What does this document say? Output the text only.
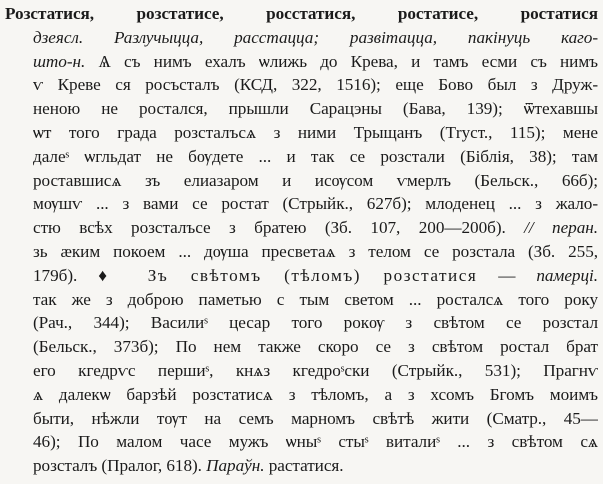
Розстатися, розстатисе, росстатися, ростатисе, ростатися
дзеясл. Разлучыцца, расстацца; развітацца, пакінуць каго-
што-н. Ѧ съ нимъ ехалъ ѡлижь до Крева, и тамъ есми съ нимъ
ѵ Креве ся росъсталъ (КСД, 322, 1516); еще Бово был з Друж-
неною не ростался, прышли Сарацэны (Бава, 139); ѿтехавшы
ѡт того града розсталъсѧ з ними Трыщанъ (Тryст., 115); мене
далеˢ ѡгльдат не бѹдете ... и так се розстали (Біблія, 38); там
роставшисѧ зъ елиазаром и исѹсом ѵмерлъ (Бельск., 66б);
мѹшѵ ... з вами се ростат (Стрыйк., 627б); млоденец ... з жало-
стю всѣх розсталъсе з братею (Зб. 107, 200—200б). // перан.
зь ӕким покоем ... дѹша пресветаѧ з телом се розстала (Зб. 255,
179б). ♦ Зъ свѣтомъ (тѣломъ) розстатися — памерці.
так же з доброю паметью с тым светом ... росталсѧ того року
(Рач., 344); Василиˢ цесар того рокѹ з свѣтом се розстал
(Бельск., 373б); По нем также скоро се з свѣтом ростал брат
его кгедрѵс першиˢ, кнѧз кгедроˢски (Стрыйк., 531); Прагнѵ
ѧ далекѡ барзѣй розстатисѧ з тѣломъ, а з хсомъ Бгомъ моимъ
быти, нѣжли тѹт на семъ марномъ свѣтѣ жити (Сматр., 45—
46); По малом часе мужъ ѡныˢ стыˢ виталиˢ ... з свѣтом сѧ
розсталъ (Пралог, 618). Параўн. растатися.
